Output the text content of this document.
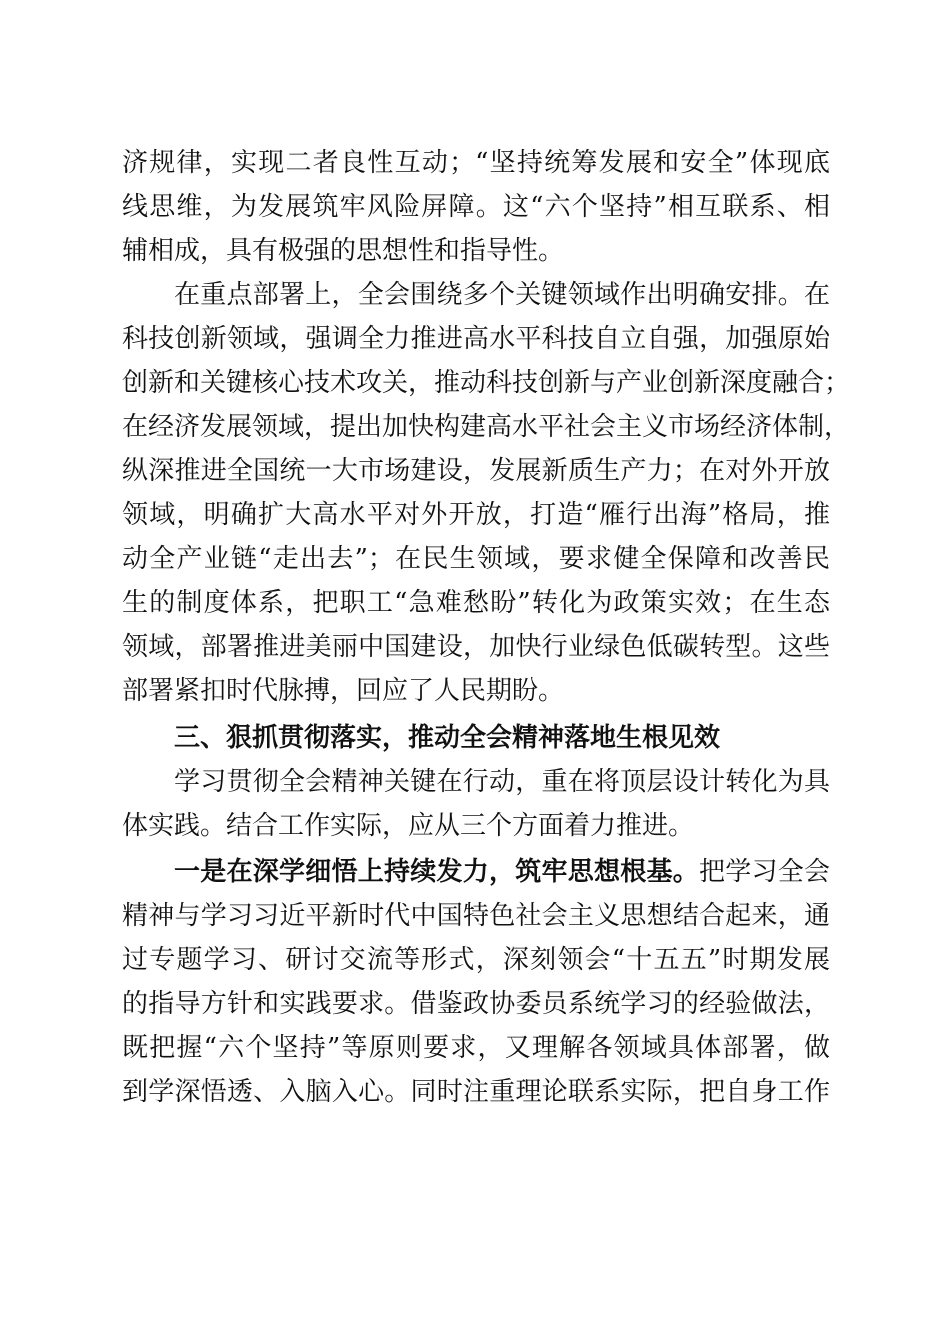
济规律，实现二者良性互动；“坚持统筹发展和安全”体现底
线思维，为发展筑牢风险屏障。这“六个坚持”相互联系、相
辅相成，具有极强的思想性和指导性。
在重点部署上，全会围绕多个关键领域作出明确安排。在
科技创新领域，强调全力推进高水平科技自立自强，加强原始
创新和关键核心技术攻关，推动科技创新与产业创新深度融合；
在经济发展领域，提出加快构建高水平社会主义市场经济体制，
纵深推进全国统一大市场建设，发展新质生产力；在对外开放
领域，明确扩大高水平对外开放，打造“雁行出海”格局，推
动全产业链“走出去”；在民生领域，要求健全保障和改善民
生的制度体系，把职工“急难愁盼”转化为政策实效；在生态
领域，部署推进美丽中国建设，加快行业绿色低碳转型。这些
部署紧扣时代脉搏，回应了人民期盼。
三、狠抓贯彻落实，推动全会精神落地生根见效
学习贯彻全会精神关键在行动，重在将顶层设计转化为具
体实践。结合工作实际，应从三个方面着力推进。
一是在深学细悟上持续发力，筑牢思想根基。把学习全会
精神与学习习近平新时代中国特色社会主义思想结合起来，通
过专题学习、研讨交流等形式，深刻领会“十五五”时期发展
的指导方针和实践要求。借鉴政协委员系统学习的经验做法，
既把握“六个坚持”等原则要求，又理解各领域具体部署，做
到学深悟透、入脑入心。同时注重理论联系实际，把自身工作
